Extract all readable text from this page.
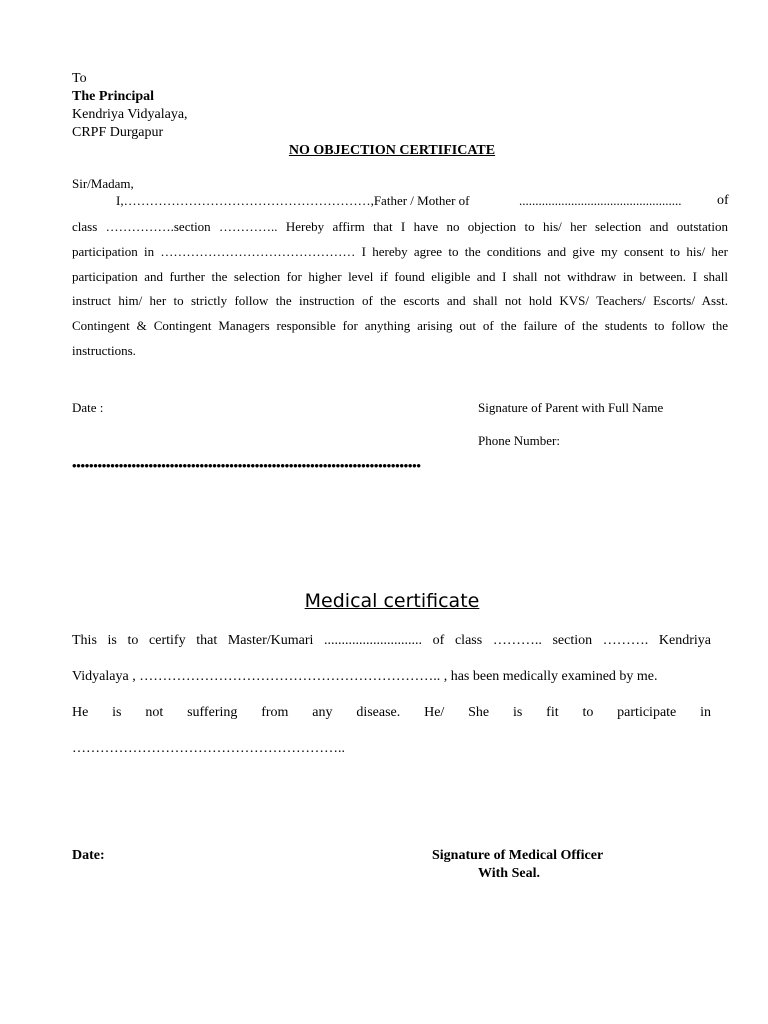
To
The Principal
Kendriya Vidyalaya,
CRPF Durgapur
NO OBJECTION CERTIFICATE
Sir/Madam,
I,…………………………………………………,Father / Mother of	..................................................	of
class …………….section ………….. Hereby affirm that I have no objection to his/ her selection and outstation
participation in ……………………………………… I hereby agree to the conditions and give my consent to his/ her
participation and further the selection for higher level if found eligible and I shall not withdraw in between. I shall
instruct him/ her to strictly follow the instruction of the escorts and shall not hold KVS/ Teachers/ Escorts/ Asst.
Contingent & Contingent Managers responsible for anything arising out of the failure of the students to follow the
instructions.
Date :	Signature of Parent with Full Name
Phone Number:
••••••••••••••••••••••••••••••••••••••••••••••••••••••••••••••••••••••••••••••••••
Medical certificate
This is to certify that Master/Kumari ............................ of class ……….. section ………. Kendriya
Vidyalaya , ……………………………………………………….. , has been medically examined by me.
He is not suffering from any disease. He/ She is fit to participate in
…………………………………………………..
Date:	Signature of Medical Officer
With Seal.
